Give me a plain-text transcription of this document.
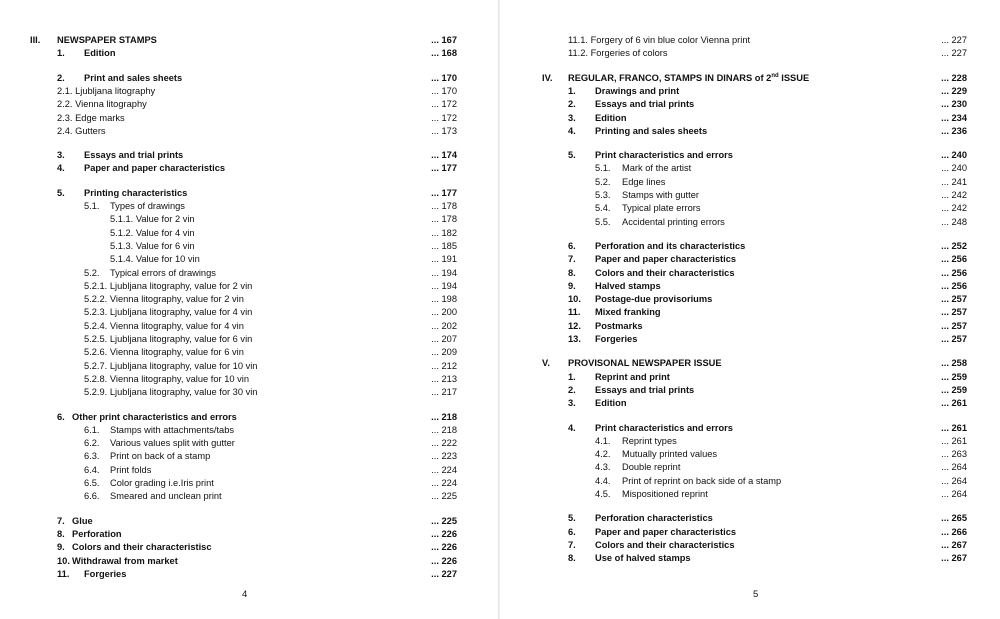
III. NEWSPAPER STAMPS	... 167
1. Edition	... 168
2. Print and sales sheets	... 170
2.1. Ljubljana litography	... 170
2.2. Vienna litography	... 172
2.3. Edge marks	... 172
2.4. Gutters	... 173
3. Essays and trial prints	... 174
4. Paper and paper characteristics	... 177
5. Printing characteristics	... 177
5.1. Types of drawings	... 178
5.1.1. Value for 2 vin	... 178
5.1.2. Value for 4 vin	... 182
5.1.3. Value for 6 vin	... 185
5.1.4. Value for 10 vin	... 191
5.2. Typical errors of drawings	... 194
5.2.1. Ljubljana litography, value for 2 vin	... 194
5.2.2. Vienna litography, value for 2 vin	... 198
5.2.3. Ljubljana litography, value for 4 vin	... 200
5.2.4. Vienna litography, value for 4 vin	... 202
5.2.5. Ljubljana litography, value for 6 vin	... 207
5.2.6. Vienna litography, value for 6 vin	... 209
5.2.7. Ljubljana litography, value for 10 vin	... 212
5.2.8. Vienna litography, value for 10 vin	... 213
5.2.9. Ljubljana litography, value for 30 vin	... 217
6. Other print characteristics and errors	... 218
6.1. Stamps with attachments/tabs	... 218
6.2. Various values split with gutter	... 222
6.3. Print on back of a stamp	... 223
6.4. Print folds	... 224
6.5. Color grading i.e.Iris print	... 224
6.6. Smeared and unclean print	... 225
7. Glue	... 225
8. Perforation	... 226
9. Colors and their characteristisc	... 226
10. Withdrawal from market	... 226
11. Forgeries	... 227
4
11.1. Forgery of 6 vin blue color Vienna print	... 227
11.2. Forgeries of colors	... 227
IV. REGULAR, FRANCO, STAMPS IN DINARS of 2nd ISSUE	... 228
1. Drawings and print	... 229
2. Essays and trial prints	... 230
3. Edition	... 234
4. Printing and sales sheets	... 236
5. Print characteristics and errors	... 240
5.1. Mark of the artist	... 240
5.2. Edge lines	... 241
5.3. Stamps with gutter	... 242
5.4. Typical plate errors	... 242
5.5. Accidental printing errors	... 248
6. Perforation and its characteristics	... 252
7. Paper and paper characteristics	... 256
8. Colors and their characteristics	... 256
9. Halved stamps	... 256
10. Postage-due provisoriums	... 257
11. Mixed franking	... 257
12. Postmarks	... 257
13. Forgeries	... 257
V. PROVISONAL NEWSPAPER ISSUE	... 258
1. Reprint and print	... 259
2. Essays and trial prints	... 259
3. Edition	... 261
4. Print characteristics and errors	... 261
4.1. Reprint types	... 261
4.2. Mutually printed values	... 263
4.3. Double reprint	... 264
4.4. Print of reprint on back side of a stamp	... 264
4.5. Mispositioned reprint	... 264
5. Perforation characteristics	... 265
6. Paper and paper characteristics	... 266
7. Colors and their characteristics	... 267
8. Use of halved stamps	... 267
5
